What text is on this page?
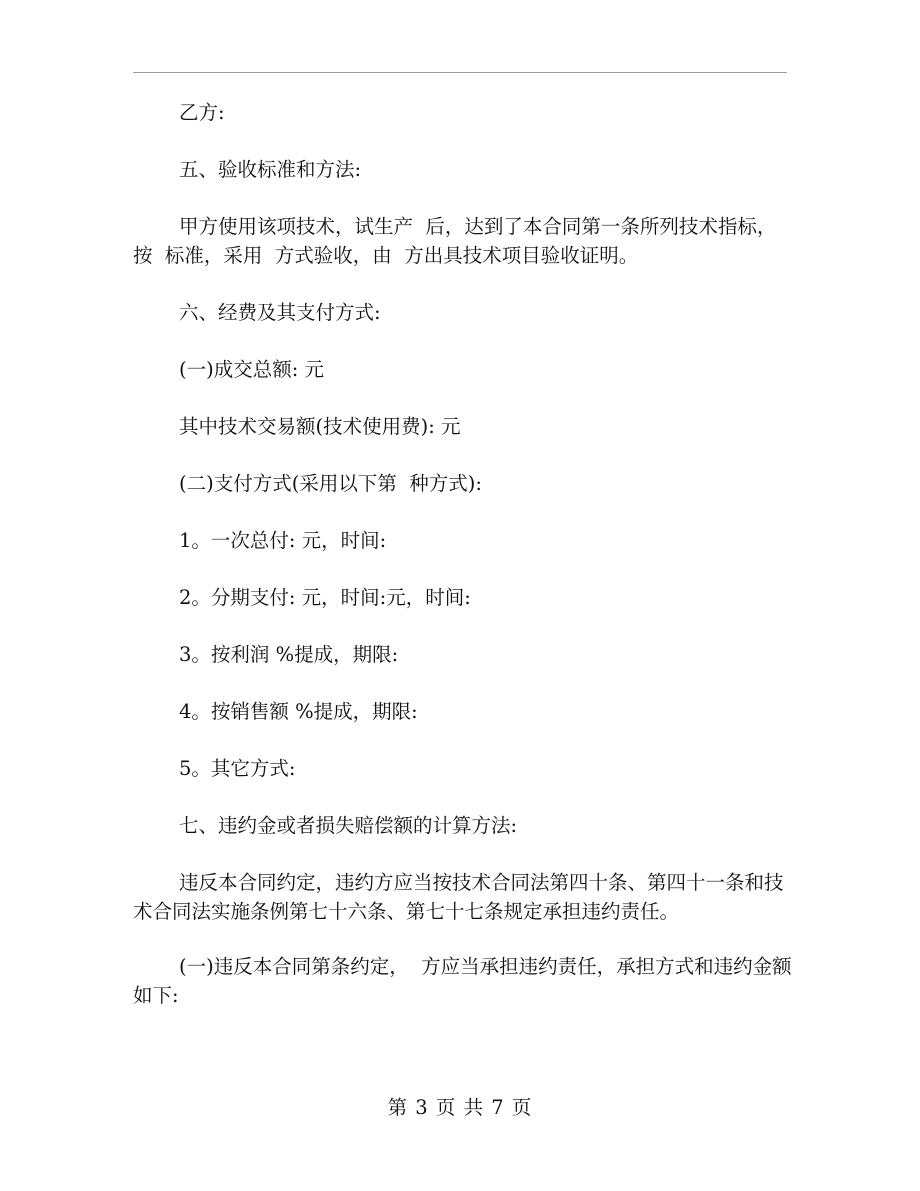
乙方:

五、验收标准和方法:

甲方使用该项技术，试生产  后，达到了本合同第一条所列技术指标，按  标准，采用  方式验收，由  方出具技术项目验收证明。

六、经费及其支付方式:

(一)成交总额: 元

其中技术交易额(技术使用费): 元

(二)支付方式(采用以下第  种方式):

1。一次总付: 元，时间:

2。分期支付: 元，时间:元，时间:

3。按利润 %提成，期限:

4。按销售额 %提成，期限:

5。其它方式:

七、违约金或者损失赔偿额的计算方法:

违反本合同约定，违约方应当按技术合同法第四十条、第四十一条和技术合同法实施条例第七十六条、第七十七条规定承担违约责任。

(一)违反本合同第条约定，  方应当承担违约责任，承担方式和违约金额如下:

第 3 页 共 7 页
